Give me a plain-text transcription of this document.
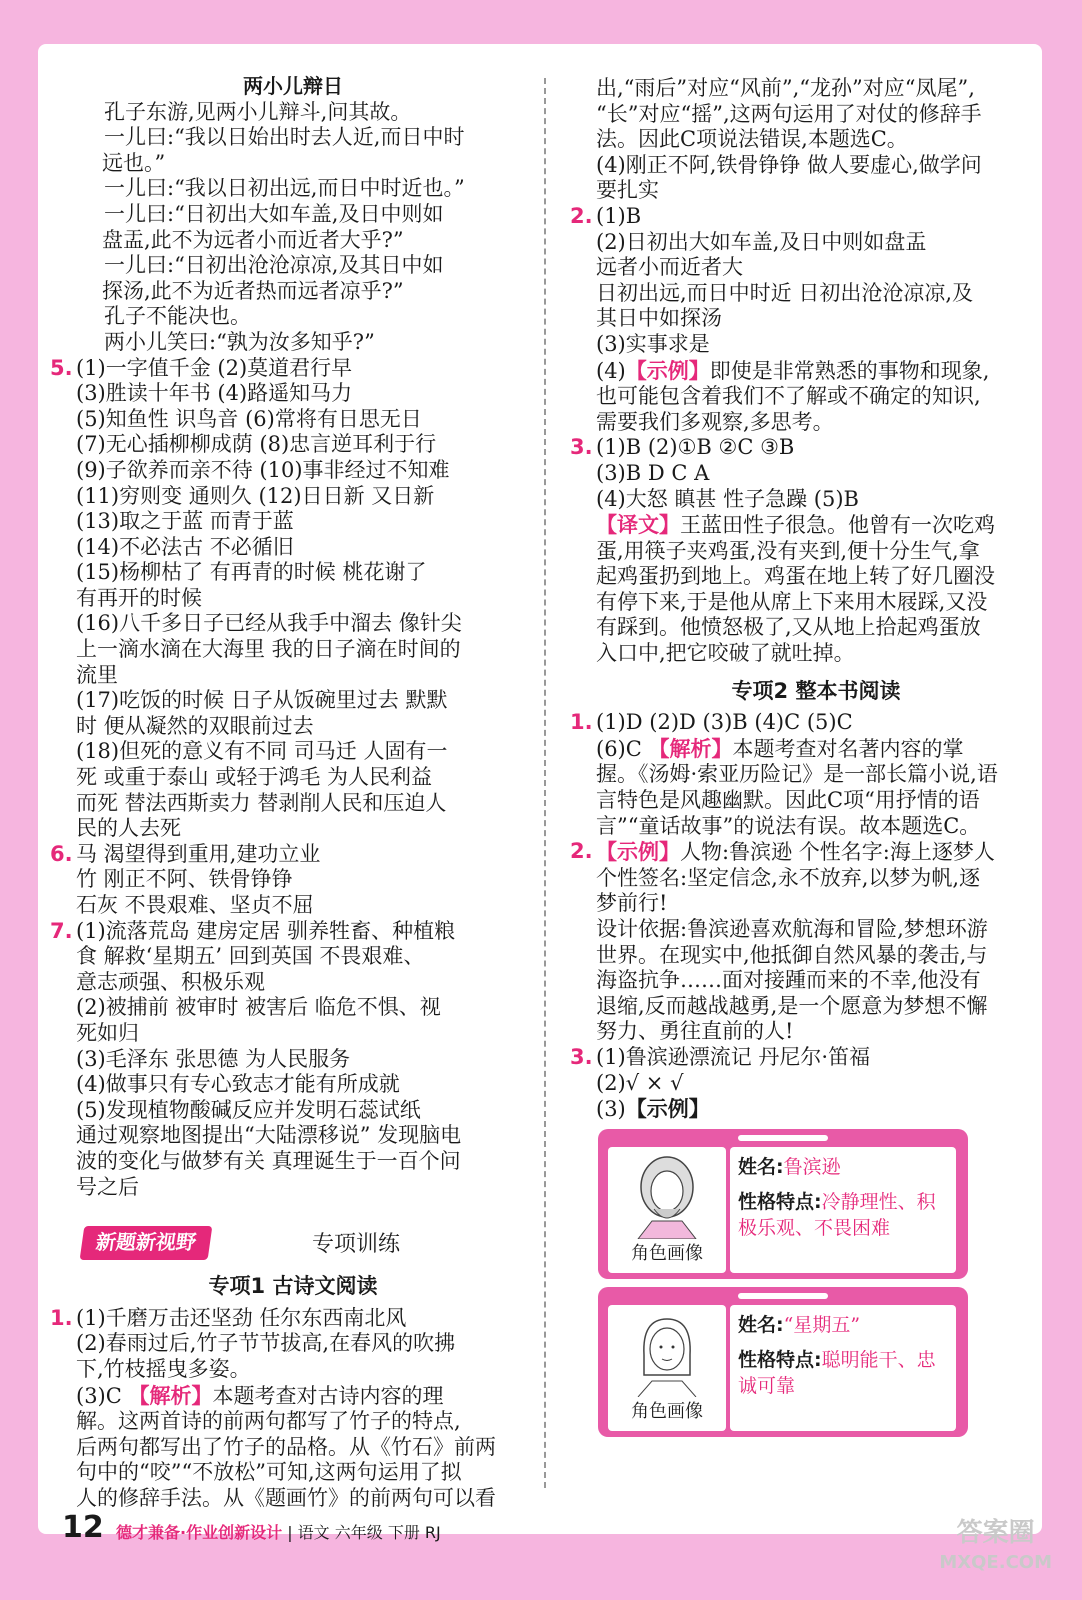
两小儿辩日

孔子东游,见两小儿辩斗,问其故。

一儿曰:“我以日始出时去人近,而日中时

远也。”

一儿曰:“我以日初出远,而日中时近也。”

一儿曰:“日初出大如车盖,及日中则如

盘盂,此不为远者小而近者大乎?”

一儿曰:“日初出沧沧凉凉,及其日中如

探汤,此不为近者热而远者凉乎?”

孔子不能决也。

两小儿笑曰:“孰为汝多知乎?”

5. (1)一字值千金 (2)莫道君行早

(3)胜读十年书 (4)路遥知马力

(5)知鱼性 识鸟音 (6)常将有日思无日

(7)无心插柳柳成荫 (8)忠言逆耳利于行

(9)子欲养而亲不待 (10)事非经过不知难

(11)穷则变 通则久 (12)日日新 又日新

(13)取之于蓝 而青于蓝

(14)不必法古 不必循旧

(15)杨柳枯了 有再青的时候 桃花谢了

有再开的时候

(16)八千多日子已经从我手中溜去 像针尖

上一滴水滴在大海里 我的日子滴在时间的

流里

(17)吃饭的时候 日子从饭碗里过去 默默

时 便从凝然的双眼前过去

(18)但死的意义有不同 司马迁 人固有一

死 或重于泰山 或轻于鸿毛 为人民利益

而死 替法西斯卖力 替剥削人民和压迫人

民的人去死

6. 马 渴望得到重用,建功立业

竹 刚正不阿、铁骨铮铮

石灰 不畏艰难、坚贞不屈

7. (1)流落荒岛 建房定居 驯养牲畜、种植粮

食 解救‘星期五’ 回到英国 不畏艰难、

意志顽强、积极乐观

(2)被捕前 被审时 被害后 临危不惧、视

死如归

(3)毛泽东 张思德 为人民服务

(4)做事只有专心致志才能有所成就

(5)发现植物酸碱反应并发明石蕊试纸

通过观察地图提出“大陆漂移说” 发现脑电

波的变化与做梦有关 真理诞生于一百个问

号之后

新题新视野	专项训练
专项1 古诗文阅读
1. (1)千磨万击还坚劲 任尔东西南北风

(2)春雨过后,竹子节节拔高,在春风的吹拂

下,竹枝摇曳多姿。

(3)C 【解析】本题考查对古诗内容的理

解。这两首诗的前两句都写了竹子的特点,

后两句都写出了竹子的品格。从《竹石》前两

句中的“咬”“不放松”可知,这两句运用了拟

人的修辞手法。从《题画竹》的前两句可以看

出,“雨后”对应“风前”,“龙孙”对应“凤尾”,

“长”对应“摇”,这两句运用了对仗的修辞手

法。因此C项说法错误,本题选C。

(4)刚正不阿,铁骨铮铮 做人要虚心,做学问

要扎实

2. (1)B

(2)日初出大如车盖,及日中则如盘盂

远者小而近者大

日初出远,而日中时近 日初出沧沧凉凉,及

其日中如探汤

(3)实事求是

(4)【示例】即使是非常熟悉的事物和现象,

也可能包含着我们不了解或不确定的知识,

需要我们多观察,多思考。

3. (1)B (2)①B ②C ③B

(3)B D C A

(4)大怒 瞋甚 性子急躁 (5)B

【译文】王蓝田性子很急。他曾有一次吃鸡

蛋,用筷子夹鸡蛋,没有夹到,便十分生气,拿

起鸡蛋扔到地上。鸡蛋在地上转了好几圈没

有停下来,于是他从席上下来用木屐踩,又没

有踩到。他愤怒极了,又从地上拾起鸡蛋放

入口中,把它咬破了就吐掉。

专项2 整本书阅读
1. (1)D (2)D (3)B (4)C (5)C

(6)C 【解析】本题考查对名著内容的掌

握。《汤姆·索亚历险记》是一部长篇小说,语

言特色是风趣幽默。因此C项“用抒情的语

言”“童话故事”的说法有误。故本题选C。

2. 【示例】人物:鲁滨逊 个性名字:海上逐梦人

个性签名:坚定信念,永不放弃,以梦为帆,逐

梦前行!

设计依据:鲁滨逊喜欢航海和冒险,梦想环游

世界。在现实中,他抵御自然风暴的袭击,与

海盗抗争……面对接踵而来的不幸,他没有

退缩,反而越战越勇,是一个愿意为梦想不懈

努力、勇往直前的人!

3. (1)鲁滨逊漂流记 丹尼尔·笛福

(2)√ × √

(3)【示例】

角色画像
姓名:鲁滨逊
性格特点:冷静理性、积极乐观、不畏困难
角色画像
姓名:“星期五”
性格特点:聪明能干、忠诚可靠
12 德才兼备·作业创新设计 | 语文 六年级 下册 RJ	答案圈
MXQE.COM
